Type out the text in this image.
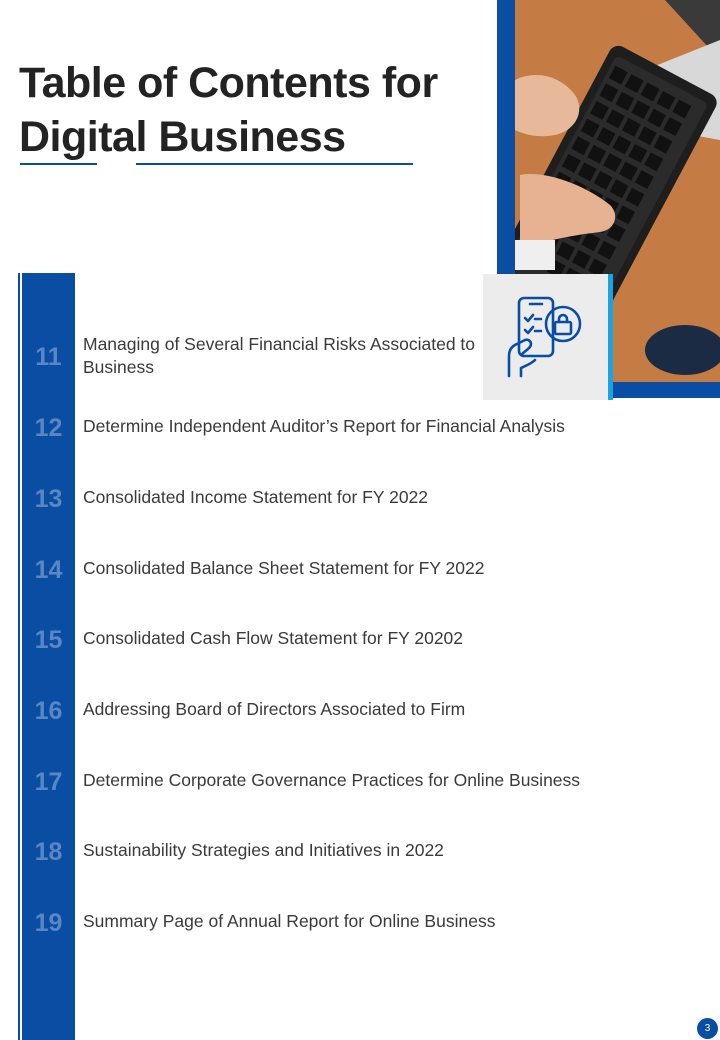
Table of Contents for
Digital Business
11	Managing of Several Financial Risks Associated to Business
12	Determine Independent Auditor’s Report for Financial Analysis
13	Consolidated Income Statement for FY 2022
14	Consolidated Balance Sheet Statement for FY 2022
15	Consolidated Cash Flow Statement for FY 20202
16	Addressing Board of Directors Associated to Firm
17	Determine Corporate Governance Practices for Online Business
18	Sustainability Strategies and Initiatives in 2022
19	Summary Page of Annual Report for Online Business
3
